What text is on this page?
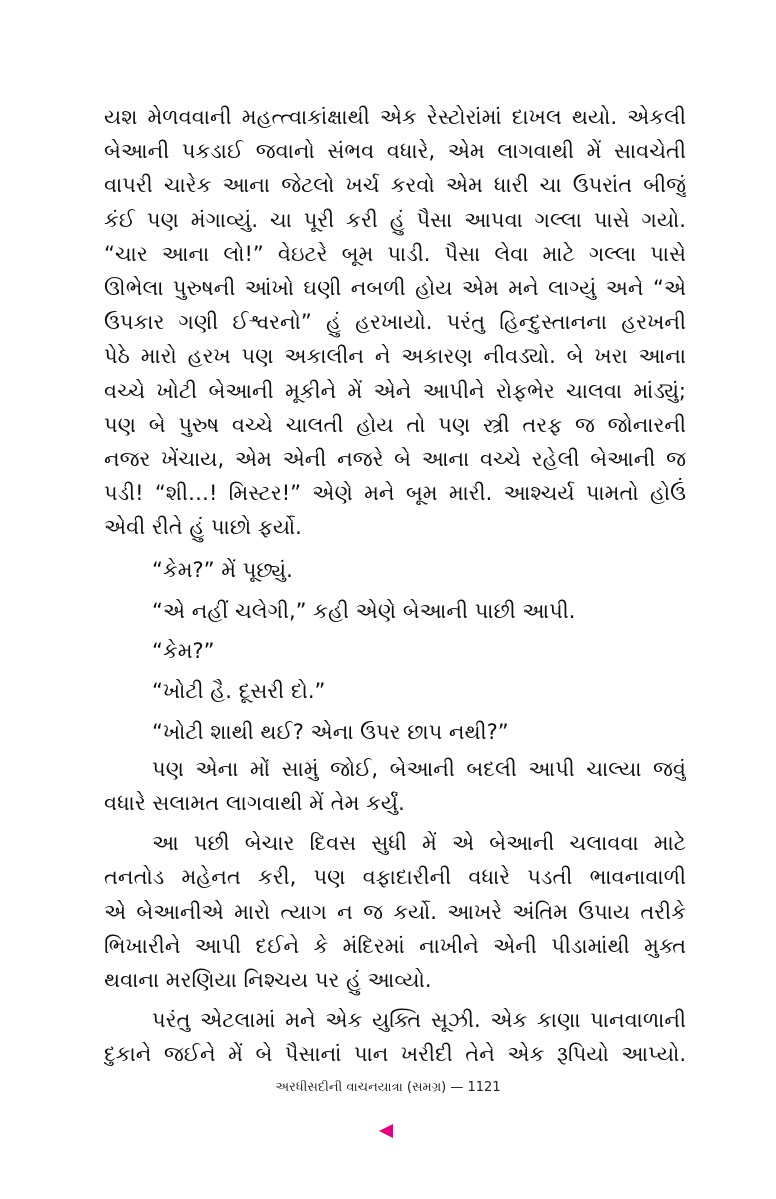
યશ મેળવવાની મહત્ત્વાકાંક્ષાથી એક રેસ્ટોરાંમાં દાખલ થયો. એકલી
બેઆની પકડાઈ જવાનો સંભવ વધારે, એમ લાગવાથી મેં સાવચેતી
વાપરી ચારેક આના જેટલો ખર્ચ કરવો એમ ધારી ચા ઉપરાંત બીજું
કંઈ પણ મંગાવ્યું. ચા પૂરી કરી હું પૈસા આપવા ગલ્લા પાસે ગયો.
“ચાર આના લો!” વેઇટરે બૂમ પાડી. પૈસા લેવા માટે ગલ્લા પાસે
ઊભેલા પુરુષની આંખો ઘણી નબળી હોય એમ મને લાગ્યું અને “એ
ઉપકાર ગણી ઈશ્વરનો” હું હરખાયો. પરંતુ હિન્દુસ્તાનના હરખની
પેઠે મારો હરખ પણ અકાલીન ને અકારણ નીવડ્યો. બે ખરા આના
વચ્ચે ખોટી બેઆની મૂકીને મેં એને આપીને રોફભેર ચાલવા માંડ્યું;
પણ બે પુરુષ વચ્ચે ચાલતી હોય તો પણ સ્ત્રી તરફ જ જોનારની
નજર ખેંચાય, એમ એની નજરે બે આના વચ્ચે રહેલી બેઆની જ
પડી! “શી…! મિસ્ટર!” એણે મને બૂમ મારી. આશ્ચર્ય પામતો હોઉં
એવી રીતે હું પાછો ફર્યો.
“કેમ?” મેં પૂછ્યું.
“એ નહીં ચલેગી,” કહી એણે બેઆની પાછી આપી.
“કેમ?”
“ખોટી હૈ. દૂસરી દો.”
“ખોટી શાથી થઈ? એના ઉપર છાપ નથી?”
પણ એના મોં સામું જોઈ, બેઆની બદલી આપી ચાલ્યા જવું
વધારે સલામત લાગવાથી મેં તેમ કર્યું.
આ પછી બેચાર દિવસ સુધી મેં એ બેઆની ચલાવવા માટે
તનતોડ મહેનત કરી, પણ વફાદારીની વધારે પડતી ભાવનાવાળી
એ બેઆનીએ મારો ત્યાગ ન જ કર્યો. આખરે અંતિમ ઉપાય તરીકે
ભિખારીને આપી દઈને કે મંદિરમાં નાખીને એની પીડામાંથી મુક્ત
થવાના મરણિયા નિશ્ચય પર હું આવ્યો.
પરંતુ એટલામાં મને એક યુક્તિ સૂઝી. એક કાણા પાનવાળાની
દુકાને જઈને મેં બે પૈસાનાં પાન ખરીદી તેને એક રૂપિયો આપ્યો.
અરધીસદીની વાચનયાત્રા (સમગ્ર) — 1121
